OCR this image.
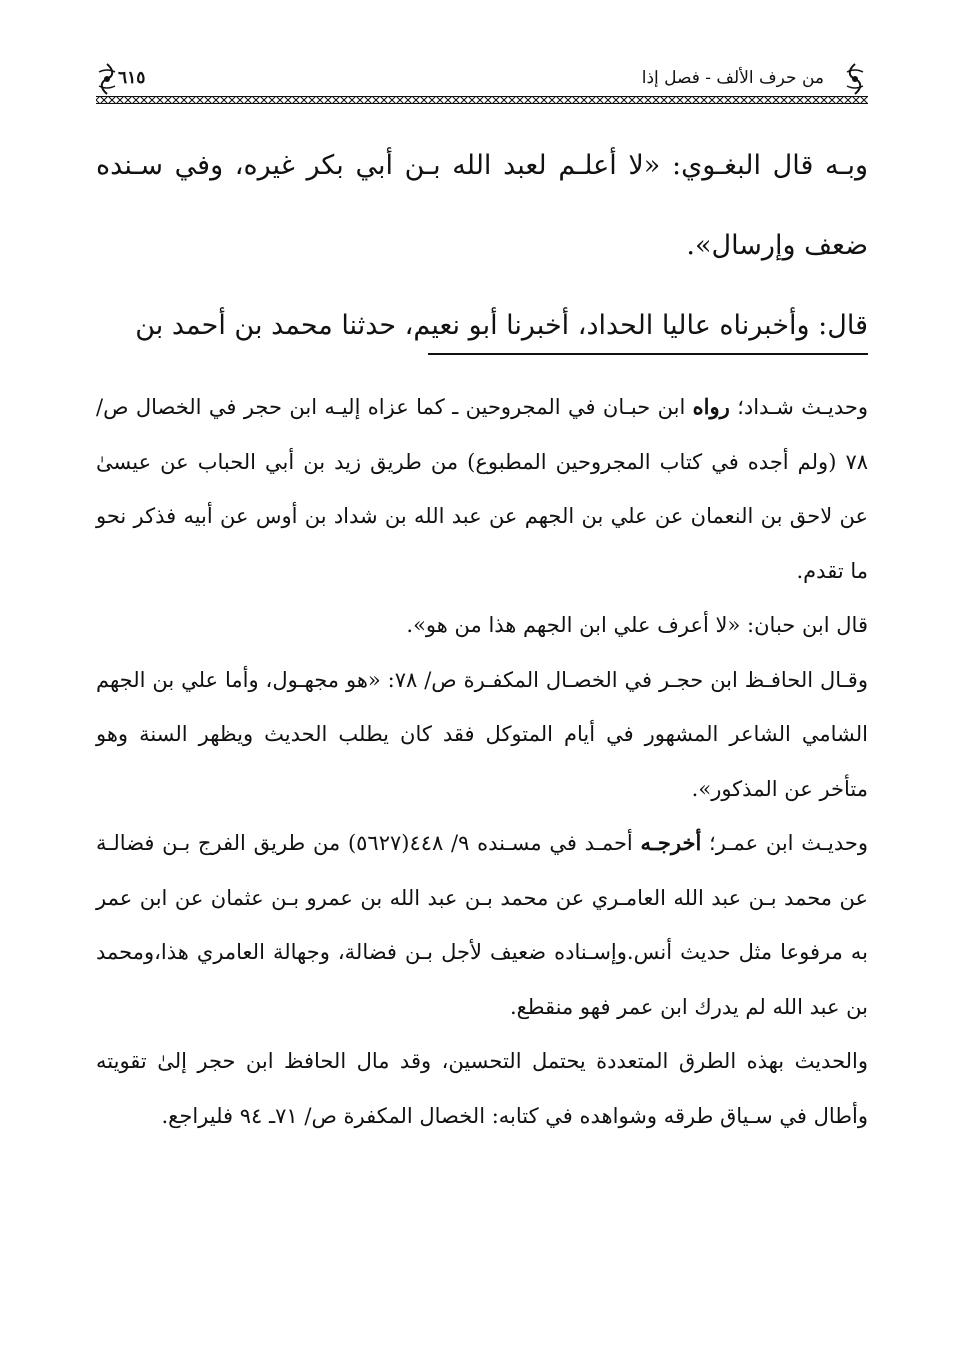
من حرف الألف - فصل إذا
٦١٥

وبـه قال البغـوي: «لا أعلـم لعبد الله بـن أبي بكر غيره، وفي سـنده ضعف وإرسال».

قال: وأخبرناه عاليا الحداد، أخبرنا أبو نعيم، حدثنا محمد بن أحمد بن

وحديـث شـداد؛ رواه ابن حبـان في المجروحين ـ كما عزاه إليـه ابن حجر في الخصال ص/ ٧٨ (ولم أجده في كتاب المجروحين المطبوع) من طريق زيد بن أبي الحباب عن عيسىٰ عن لاحق بن النعمان عن علي بن الجهم عن عبد الله بن شداد بن أوس عن أبيه فذكر نحو ما تقدم.

قال ابن حبان: «لا أعرف علي ابن الجهم هذا من هو».

وقـال الحافـظ ابن حجـر في الخصـال المكفـرة ص/ ٧٨: «هو مجهـول، وأما علي بن الجهم الشامي الشاعر المشهور في أيام المتوكل فقد كان يطلب الحديث ويظهر السنة وهو متأخر عن المذكور».

وحديـث ابن عمـر؛ أخرجـه أحمـد في مسـنده ٩/ ٤٤٨(٥٦٢٧) من طريق الفرج بـن فضالـة عن محمد بـن عبد الله العامـري عن محمد بـن عبد الله بن عمرو بـن عثمان عن ابن عمر به مرفوعا مثل حديث أنس.وإسـناده ضعيف لأجل بـن فضالة، وجهالة العامري هذا،ومحمد بن عبد الله لم يدرك ابن عمر فهو منقطع.

والحديث بهذه الطرق المتعددة يحتمل التحسين، وقد مال الحافظ ابن حجر إلىٰ تقويته وأطال في سـياق طرقه وشواهده في كتابه: الخصال المكفرة ص/ ٧١ـ ٩٤ فليراجع.
